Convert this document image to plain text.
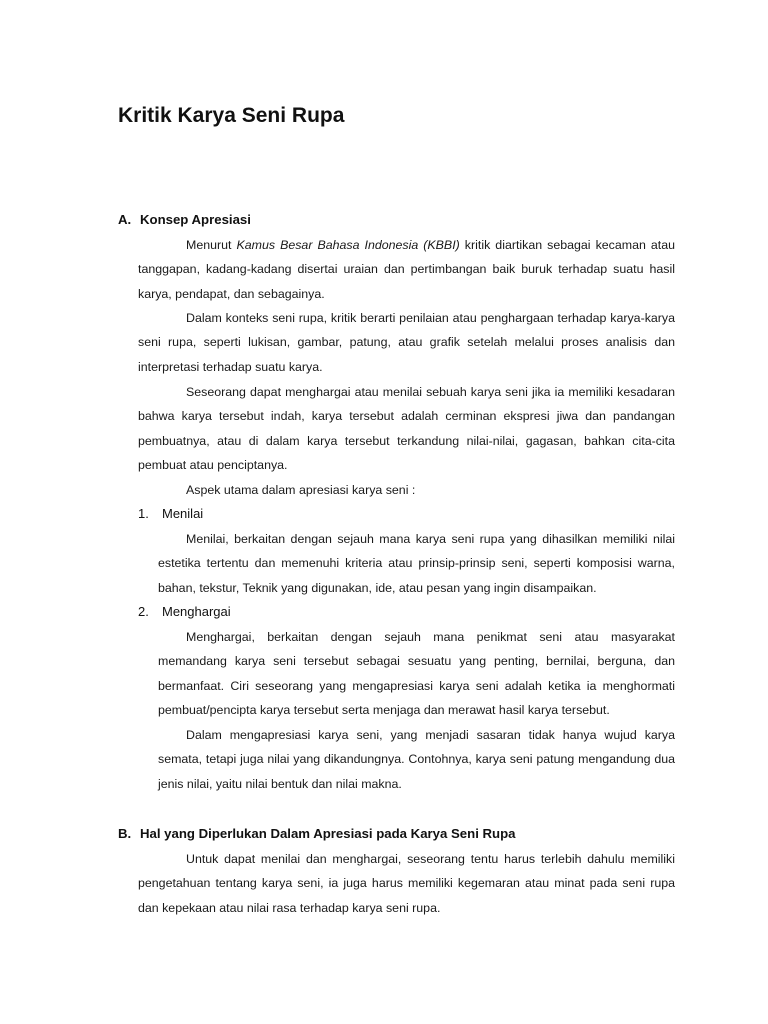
Kritik Karya Seni Rupa
A. Konsep Apresiasi

Menurut Kamus Besar Bahasa Indonesia (KBBI) kritik diartikan sebagai kecaman atau tanggapan, kadang-kadang disertai uraian dan pertimbangan baik buruk terhadap suatu hasil karya, pendapat, dan sebagainya.

Dalam konteks seni rupa, kritik berarti penilaian atau penghargaan terhadap karya-karya seni rupa, seperti lukisan, gambar, patung, atau grafik setelah melalui proses analisis dan interpretasi terhadap suatu karya.

Seseorang dapat menghargai atau menilai sebuah karya seni jika ia memiliki kesadaran bahwa karya tersebut indah, karya tersebut adalah cerminan ekspresi jiwa dan pandangan pembuatnya, atau di dalam karya tersebut terkandung nilai-nilai, gagasan, bahkan cita-cita pembuat atau penciptanya.

Aspek utama dalam apresiasi karya seni :

1. Menilai

Menilai, berkaitan dengan sejauh mana karya seni rupa yang dihasilkan memiliki nilai estetika tertentu dan memenuhi kriteria atau prinsip-prinsip seni, seperti komposisi warna, bahan, tekstur, Teknik yang digunakan, ide, atau pesan yang ingin disampaikan.

2. Menghargai

Menghargai, berkaitan dengan sejauh mana penikmat seni atau masyarakat memandang karya seni tersebut sebagai sesuatu yang penting, bernilai, berguna, dan bermanfaat. Ciri seseorang yang mengapresiasi karya seni adalah ketika ia menghormati pembuat/pencipta karya tersebut serta menjaga dan merawat hasil karya tersebut.

Dalam mengapresiasi karya seni, yang menjadi sasaran tidak hanya wujud karya semata, tetapi juga nilai yang dikandungnya. Contohnya, karya seni patung mengandung dua jenis nilai, yaitu nilai bentuk dan nilai makna.

B. Hal yang Diperlukan Dalam Apresiasi pada Karya Seni Rupa

Untuk dapat menilai dan menghargai, seseorang tentu harus terlebih dahulu memiliki pengetahuan tentang karya seni, ia juga harus memiliki kegemaran atau minat pada seni rupa dan kepekaan atau nilai rasa terhadap karya seni rupa.
